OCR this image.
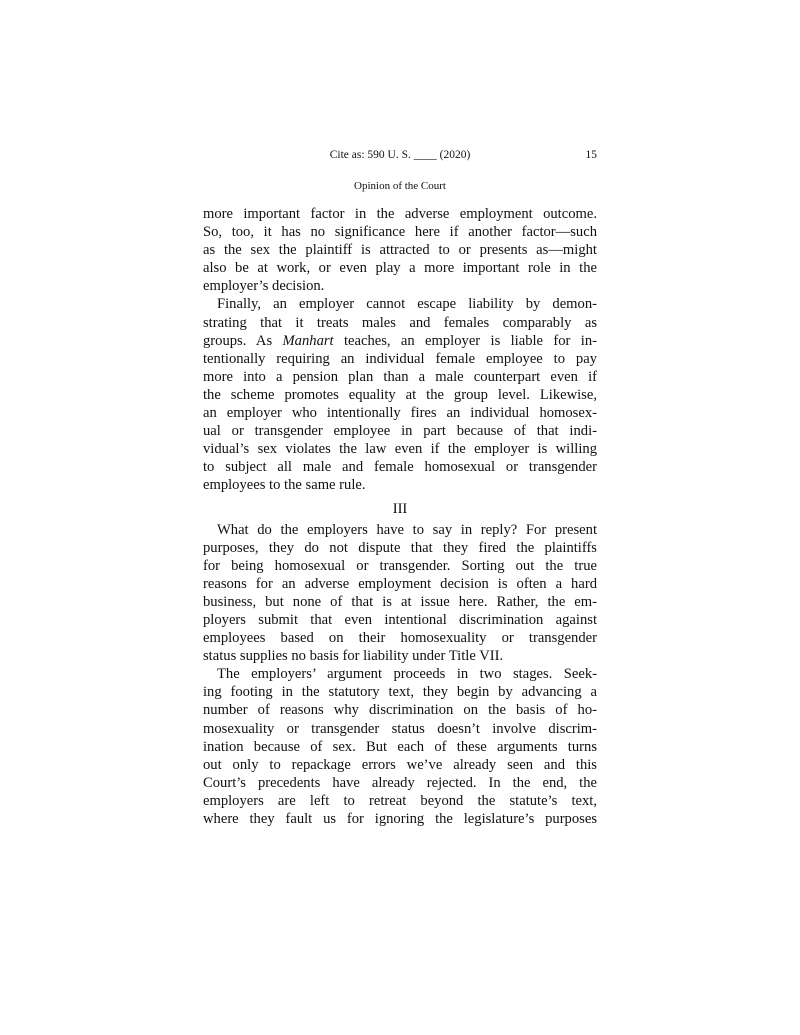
Cite as: 590 U. S. ____ (2020)	15
Opinion of the Court
more important factor in the adverse employment outcome.
So, too, it has no significance here if another factor—such
as the sex the plaintiff is attracted to or presents as—might
also be at work, or even play a more important role in the
employer’s decision.
Finally, an employer cannot escape liability by demon-
strating that it treats males and females comparably as
groups. As Manhart teaches, an employer is liable for in-
tentionally requiring an individual female employee to pay
more into a pension plan than a male counterpart even if
the scheme promotes equality at the group level. Likewise,
an employer who intentionally fires an individual homosex-
ual or transgender employee in part because of that indi-
vidual’s sex violates the law even if the employer is willing
to subject all male and female homosexual or transgender
employees to the same rule.
III
What do the employers have to say in reply? For present
purposes, they do not dispute that they fired the plaintiffs
for being homosexual or transgender. Sorting out the true
reasons for an adverse employment decision is often a hard
business, but none of that is at issue here. Rather, the em-
ployers submit that even intentional discrimination against
employees based on their homosexuality or transgender
status supplies no basis for liability under Title VII.
The employers’ argument proceeds in two stages. Seek-
ing footing in the statutory text, they begin by advancing a
number of reasons why discrimination on the basis of ho-
mosexuality or transgender status doesn’t involve discrim-
ination because of sex. But each of these arguments turns
out only to repackage errors we’ve already seen and this
Court’s precedents have already rejected. In the end, the
employers are left to retreat beyond the statute’s text,
where they fault us for ignoring the legislature’s purposes
